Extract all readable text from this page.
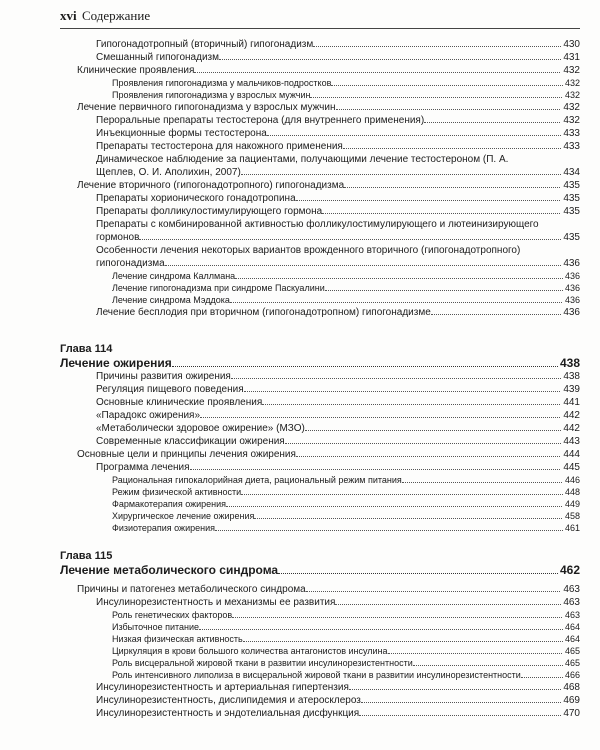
xvi Содержание
Гипогонадотропный (вторичный) гипогонадизм	430
Смешанный гипогонадизм	431
Клинические проявления	432
Проявления гипогонадизма у мальчиков-подростков	432
Проявления гипогонадизма у взрослых мужчин	432
Лечение первичного гипогонадизма у взрослых мужчин	432
Пероральные препараты тестостерона (для внутреннего применения)	432
Инъекционные формы тестостерона	433
Препараты тестостерона для накожного применения	433
Динамическое наблюдение за пациентами, получающими лечение тестостероном (П. А. Щеплев, О. И. Аполихин, 2007)	434
Лечение вторичного (гипогонадотропного) гипогонадизма	435
Препараты хорионического гонадотропина	435
Препараты фолликулостимулирующего гормона	435
Препараты с комбинированной активностью фолликулостимулирующего и лютеинизирующего гормонов	435
Особенности лечения некоторых вариантов врожденного вторичного (гипогонадотропного) гипогонадизма	436
Лечение синдрома Каллмана	436
Лечение гипогонадизма при синдроме Паскуалини	436
Лечение синдрома Мэддока	436
Лечение бесплодия при вторичном (гипогонадотропном) гипогонадизме	436
Глава 114
Лечение ожирения	438
Причины развития ожирения	438
Регуляция пищевого поведения	439
Основные клинические проявления	441
«Парадокс ожирения»	442
«Метаболически здоровое ожирение» (МЗО)	442
Современные классификации ожирения	443
Основные цели и принципы лечения ожирения	444
Программа лечения	445
Рациональная гипокалорийная диета, рациональный режим питания	446
Режим физической активности	448
Фармакотерапия ожирения	449
Хирургическое лечение ожирения	458
Физиотерапия ожирения	461
Глава 115
Лечение метаболического синдрома	462
Причины и патогенез метаболического синдрома	463
Инсулинорезистентность и механизмы ее развития	463
Роль генетических факторов	463
Избыточное питание	464
Низкая физическая активность	464
Циркуляция в крови большого количества антагонистов инсулина	465
Роль висцеральной жировой ткани в развитии инсулинорезистентности	465
Роль интенсивного липолиза в висцеральной жировой ткани в развитии инсулинорезистентности	466
Инсулинорезистентность и артериальная гипертензия	468
Инсулинорезистентность, дислипидемия и атеросклероз	469
Инсулинорезистентность и эндотелиальная дисфункция	470
